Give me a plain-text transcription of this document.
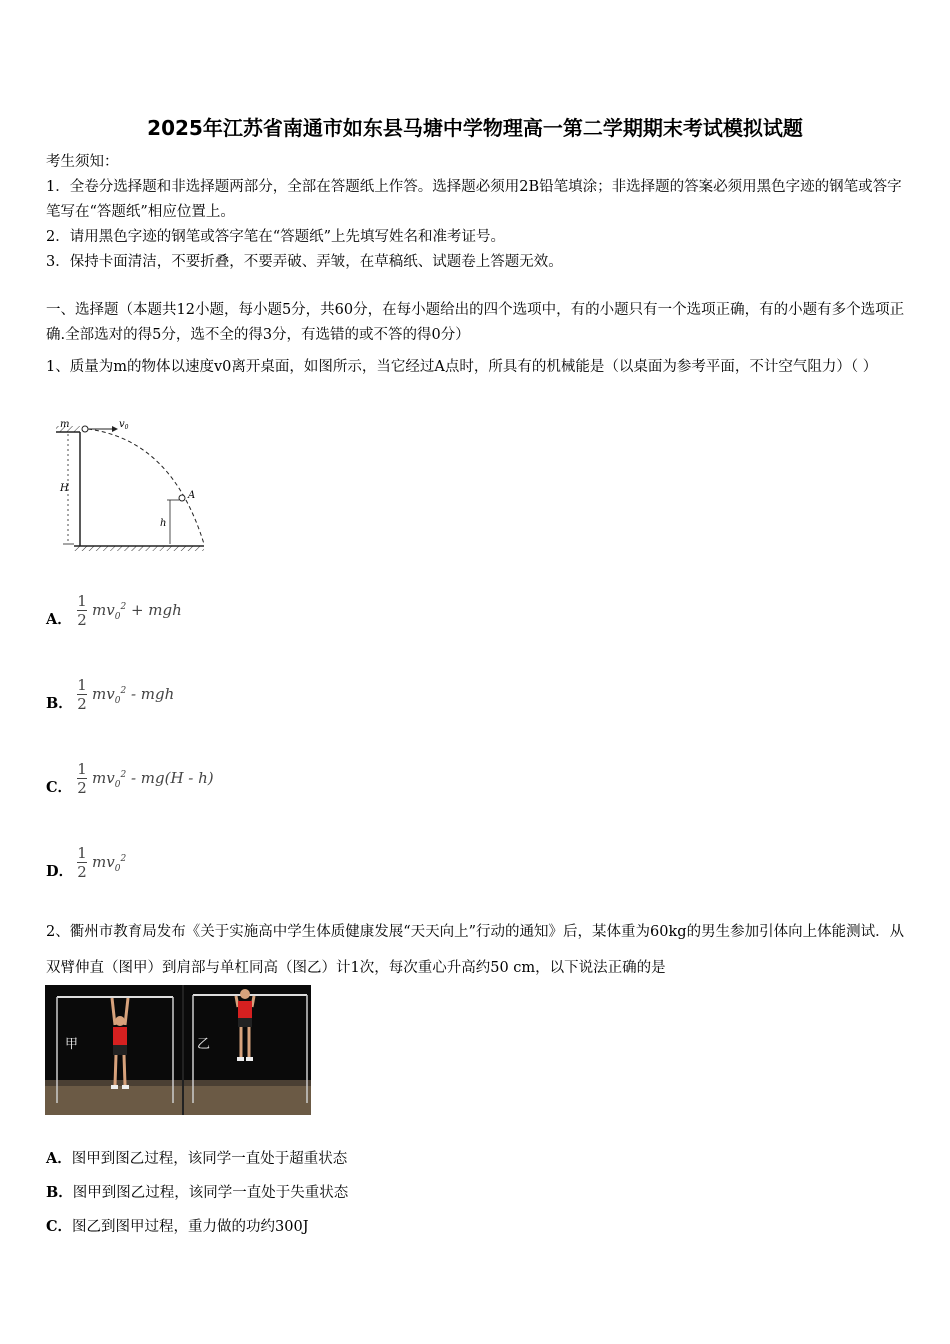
2025年江苏省南通市如东县马塘中学物理高一第二学期期末考试模拟试题

考生须知：

1．全卷分选择题和非选择题两部分，全部在答题纸上作答。选择题必须用2B铅笔填涂；非选择题的答案必须用黑色字迹的钢笔或答字笔写在“答题纸”相应位置上。

2．请用黑色字迹的钢笔或答字笔在“答题纸”上先填写姓名和准考证号。

3．保持卡面清洁，不要折叠，不要弄破、弄皱，在草稿纸、试题卷上答题无效。

一、选择题（本题共12小题，每小题5分，共60分，在每小题给出的四个选项中，有的小题只有一个选项正确，有的小题有多个选项正确.全部选对的得5分，选不全的得3分，有选错的或不答的得0分）

1、质量为m的物体以速度v0离开桌面，如图所示，当它经过A点时，所具有的机械能是（以桌面为参考平面，不计空气阻力）（ ）

H
m	$v_0$
A
h
A．
1
2
$mv_0^2$ + mgh
B．
1
2
$mv_0^2$ - mgh
C．
1
2
$mv_0^2 - mg(H - h)$
D．
1
2
$mv_0^2$

2、衢州市教育局发布《关于实施高中学生体质健康发展“天天向上”行动的通知》后，某体重为60kg的男生参加引体向上体能测试．从双臂伸直（图甲）到肩部与单杠同高（图乙）计1次，每次重心升高约50 cm，以下说法正确的是

甲	乙
A．图甲到图乙过程，该同学一直处于超重状态
B．图甲到图乙过程，该同学一直处于失重状态
C．图乙到图甲过程，重力做的功约300J
